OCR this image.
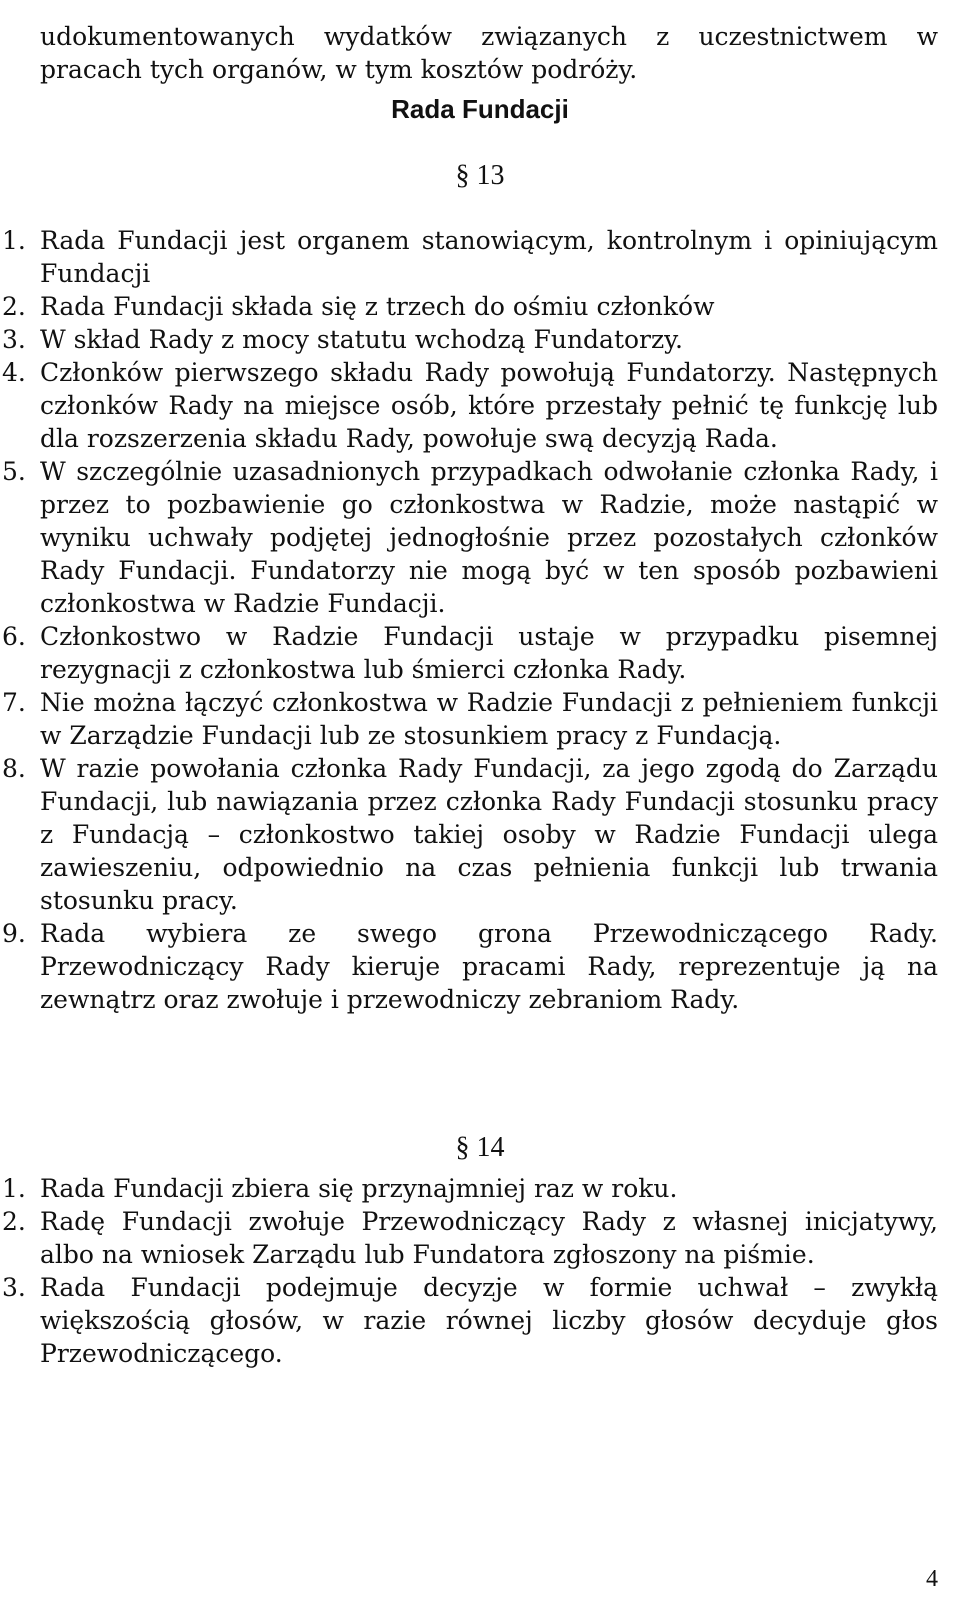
udokumentowanych wydatków związanych z uczestnictwem w pracach tych organów, w tym kosztów podróży.

Rada Fundacji
§ 13
1. Rada Fundacji jest organem stanowiącym, kontrolnym i opiniującym Fundacji
2. Rada Fundacji składa się z trzech do ośmiu członków
3. W skład Rady z mocy statutu wchodzą Fundatorzy.
4. Członków pierwszego składu Rady powołują Fundatorzy. Następnych członków Rady na miejsce osób, które przestały pełnić tę funkcję lub dla rozszerzenia składu Rady, powołuje swą decyzją Rada.
5. W szczególnie uzasadnionych przypadkach odwołanie członka Rady, i przez to pozbawienie go członkostwa w Radzie, może nastąpić w wyniku uchwały podjętej jednogłośnie przez pozostałych członków Rady Fundacji. Fundatorzy nie mogą być w ten sposób pozbawieni członkostwa w Radzie Fundacji.
6. Członkostwo w Radzie Fundacji ustaje w przypadku pisemnej rezygnacji z członkostwa lub śmierci członka Rady.
7. Nie można łączyć członkostwa w Radzie Fundacji z pełnieniem funkcji w Zarządzie Fundacji lub ze stosunkiem pracy z Fundacją.
8. W razie powołania członka Rady Fundacji, za jego zgodą do Zarządu Fundacji, lub nawiązania przez członka Rady Fundacji stosunku pracy z Fundacją – członkostwo takiej osoby w Radzie Fundacji ulega zawieszeniu, odpowiednio na czas pełnienia funkcji lub trwania stosunku pracy.
9. Rada wybiera ze swego grona Przewodniczącego Rady. Przewodniczący Rady kieruje pracami Rady, reprezentuje ją na zewnątrz oraz zwołuje i przewodniczy zebraniom Rady.
§ 14
1. Rada Fundacji zbiera się przynajmniej raz w roku.
2. Radę Fundacji zwołuje Przewodniczący Rady z własnej inicjatywy, albo na wniosek Zarządu lub Fundatora zgłoszony na piśmie.
3. Rada Fundacji podejmuje decyzje w formie uchwał – zwykłą większością głosów, w razie równej liczby głosów decyduje głos Przewodniczącego.
4
